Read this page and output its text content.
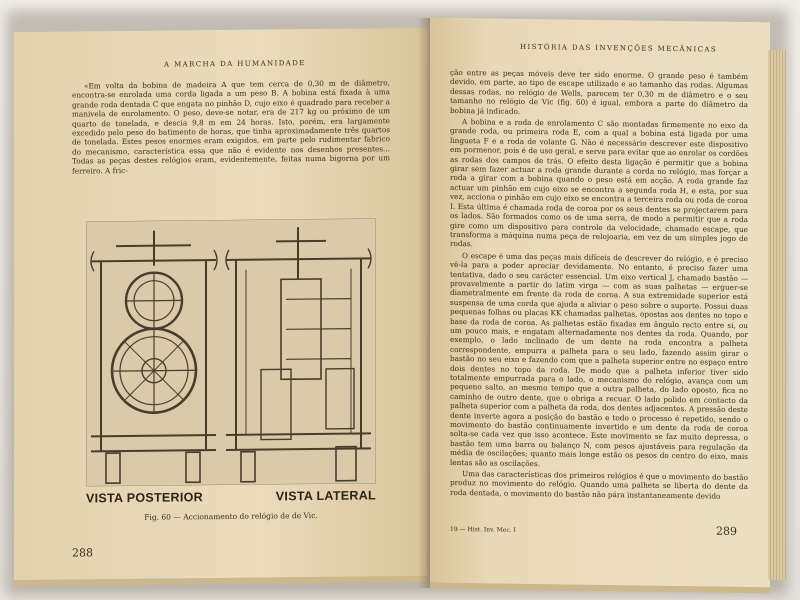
A MARCHA DA HUMANIDADE

«Em volta da bobina de madeira A que tem cerca de 0,30 m de diâmetro, encontra-se enrolada uma corda ligada a um peso B. A bobina está fixada à uma grande roda dentada C que engata no pinhão D, cujo eixo é quadrado para receber a manivela de enrolamento. O peso, deve-se notar, era de 217 kg ou próximo de um quarto de tonelada, e descia 9,8 m em 24 horas. Isto, porém, era largamente excedido pelo peso do batimento de horas, que tinha aproximadamente três quartos de tonelada. Estes pesos enormes eram exigidos, em parte pelo rudimentar fabrico do mecanismo, característica essa que não é evidente nos desenhos presentes... Todas as peças destes relógios eram, evidentemente, feitas numa bigorna por um ferreiro. A fric-

VISTA POSTERIOR	VISTA LATERAL
Fig. 60 — Accionamento do relógio de de Vic.
288
HISTÓRIA DAS INVENÇÕES MECÂNICAS

ção entre as peças móveis deve ter sido enorme. O grande peso é também devido, em parte, ao tipo de escape utilizado e ao tamanho das rodas. Algumas dessas rodas, no relógio de Wells, parecem ter 0,30 m de diâmetro e o seu tamanho no relógio de Vic (fig. 60) é igual, embora a parte do diâmetro da bobina já indicado.

A bobina e a roda de enrolamento C são montadas firmemente no eixo da grande roda, ou primeira roda E, com a qual a bobina está ligada por uma lingueta F e a roda de volante G. Não é necessário descrever este dispositivo em pormenor, pois é de uso geral, e serve para evitar que ao enrolar os cordões as rodas dos campos de trás. O efeito desta ligação é permitir que a bobina girar sem fazer actuar a roda grande durante a corda no relógio, mas forçar a roda a girar com a bobina quando o peso está em acção. A roda grande faz actuar um pinhão em cujo eixo se encontra a segunda roda H, e esta, por sua vez, acciona o pinhão em cujo eixo se encontra a terceira roda ou roda de coroa I. Esta última é chamada roda de coroa por os seus dentes se projectarem para os lados. São formados como os de uma serra, de modo a permitir que a roda gire como um dispositivo para controle da velocidade, chamado escape, que transforma a máquina numa peça de relojoaria, em vez de um simples jogo de rodas.

O escape é uma das peças mais difíceis de descrever do relógio, e é preciso vê-la para a poder apreciar devidamente. No entanto, é preciso fazer uma tentativa, dado o seu carácter essencial. Um eixo vertical J, chamado bastão — provavelmente a partir do latim virga — com as suas palhetas — erguer-se diametralmente em frente da roda de coroa. A sua extremidade superior está suspensa de uma corda que ajuda a aliviar o peso sobre o suporte. Possui duas pequenas folhas ou placas KK chamadas palhetas, opostas aos dentes no topo e base da roda de coroa. As palhetas estão fixadas em ângulo recto entre si, ou um pouco mais, e engatam alternadamente nos dentes da roda. Quando, por exemplo, o lado inclinado de um dente na roda encontra a palheta correspondente, empurra a palheta para o seu lado, fazendo assim girar o bastão no seu eixo e fazendo com que a palheta superior entre no espaço entre dois dentes no topo da roda. De modo que a palheta inferior tiver sido totalmente empurrada para o lado, o mecanismo do relógio, avança com um pequeno salto, ao mesmo tempo que a outra palheta, do lado oposto, fica no caminho de outro dente, que o obriga a recuar. O lado polido em contacto da palheta superior com a palheta da roda, dos dentes adjacentes. A pressão deste dente inverte agora a posição do bastão e todo o processo é repetido, sendo o movimento do bastão continuamente invertido e um dente da roda de coroa solta-se cada vez que isso acontece. Este movimento se faz muito depressa, o bastão tem uma barra ou balanço N, com pesos ajustáveis para regulação da média de oscilações; quanto mais longe estão os pesos do centro do eixo, mais lentas são as oscilações.

Uma das características dos primeiros relógios é que o movimento do bastão produz no movimento do relógio. Quando uma palheta se liberta do dente da roda dentada, o movimento do bastão não pára instantaneamente devido

19 — Hist. Inv. Mec. I	289
